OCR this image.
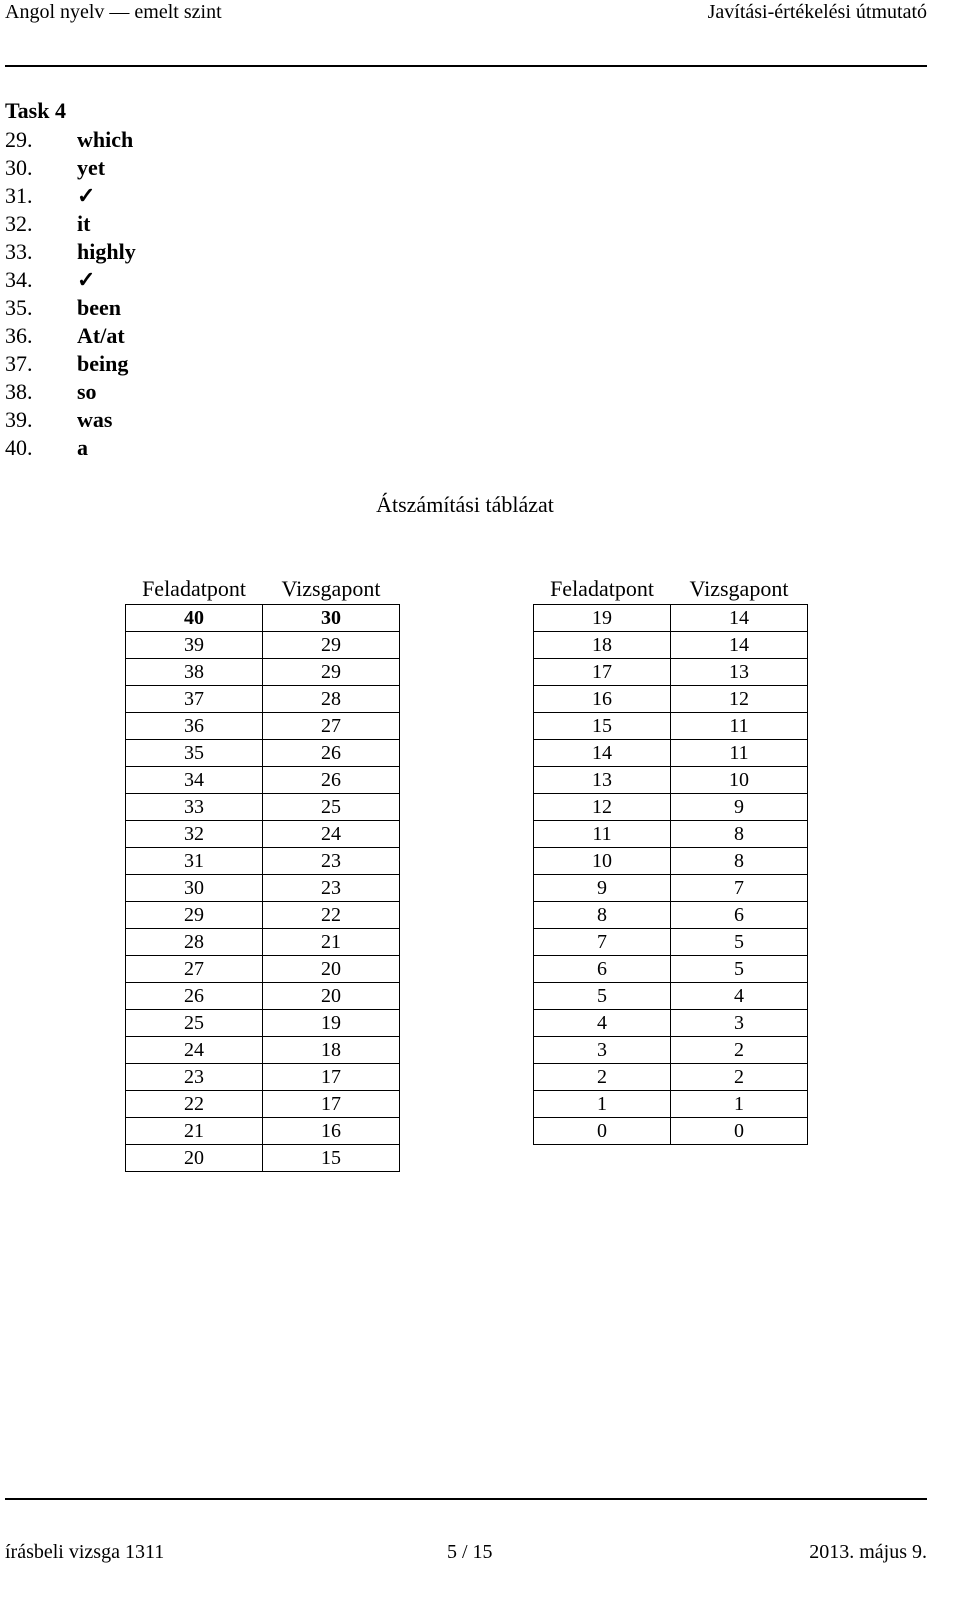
Angol nyelv — emelt szint	Javítási-értékelési útmutató
Task 4
29. which
30. yet
31. ✓
32. it
33. highly
34. ✓
35. been
36. At/at
37. being
38. so
39. was
40. a
Átszámítási táblázat
Feladatpont	Vizsgapont
40	30
39	29
38	29
37	28
36	27
35	26
34	26
33	25
32	24
31	23
30	23
29	22
28	21
27	20
26	20
25	19
24	18
23	17
22	17
21	16
20	15
Feladatpont	Vizsgapont
19	14
18	14
17	13
16	12
15	11
14	11
13	10
12	9
11	8
10	8
9	7
8	6
7	5
6	5
5	4
4	3
3	2
2	2
1	1
0	0
írásbeli vizsga 1311	5 / 15	2013. május 9.
